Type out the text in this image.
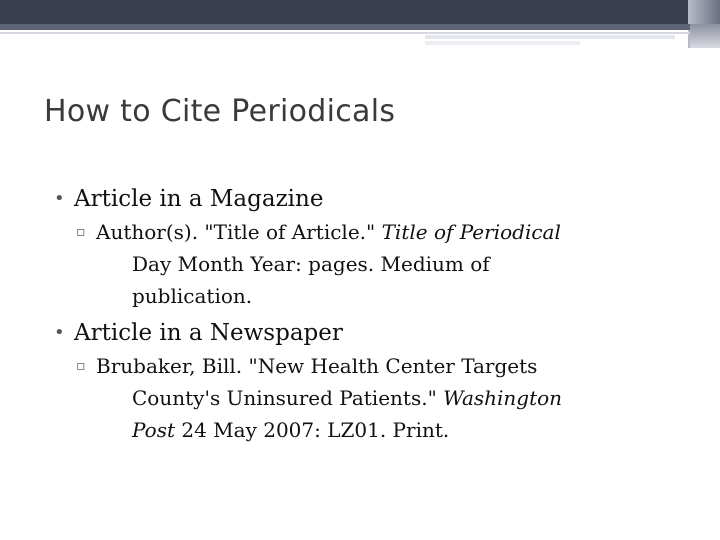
How to Cite Periodicals
• Article in a Magazine
▫ Author(s). "Title of Article." Title of Periodical
Day Month Year: pages. Medium of
publication.
• Article in a Newspaper
▫ Brubaker, Bill. "New Health Center Targets
County's Uninsured Patients." Washington
Post 24 May 2007: LZ01. Print.
